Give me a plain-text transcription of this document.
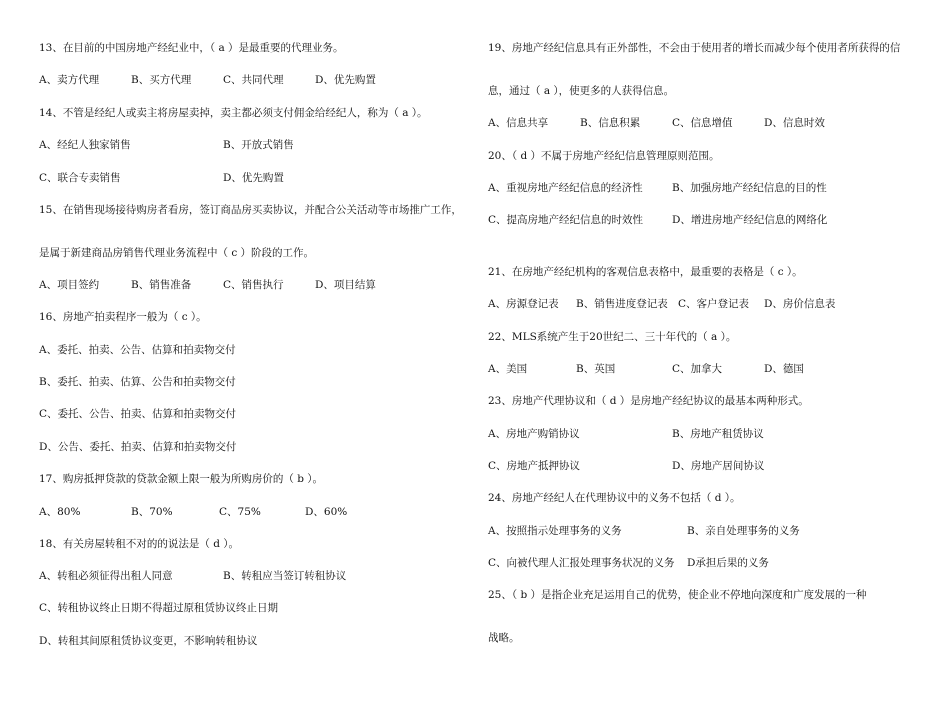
13、在目前的中国房地产经纪业中，（ a ）是最重要的代理业务。
A、卖方代理	B、买方代理	C、共同代理	D、优先购置
14、不管是经纪人或卖主将房屋卖掉，卖主都必须支付佣金给经纪人，称为（ a ）。
A、经纪人独家销售	B、开放式销售
C、联合专卖销售	D、优先购置
15、在销售现场接待购房者看房，签订商品房买卖协议，并配合公关活动等市场推广工作，
是属于新建商品房销售代理业务流程中（ c ）阶段的工作。
A、项目签约	B、销售准备	C、销售执行	D、项目结算
16、房地产拍卖程序一般为（ c ）。
A、委托、拍卖、公告、估算和拍卖物交付
B、委托、拍卖、估算、公告和拍卖物交付
C、委托、公告、拍卖、估算和拍卖物交付
D、公告、委托、拍卖、估算和拍卖物交付
17、购房抵押贷款的贷款金额上限一般为所购房价的（ b ）。
A、80%	B、70%	C、75%	D、60%
18、有关房屋转租不对的的说法是（ d ）。
A、转租必须征得出租人同意	B、转租应当签订转租协议
C、转租协议终止日期不得超过原租赁协议终止日期
D、转租其间原租赁协议变更，不影响转租协议
19、房地产经纪信息具有正外部性，不会由于使用者的增长而减少每个使用者所获得的信
息，通过（ a ），使更多的人获得信息。
A、信息共享	B、信息积累	C、信息增值	D、信息时效
20、（ d ）不属于房地产经纪信息管理原则范围。
A、重视房地产经纪信息的经济性	B、加强房地产经纪信息的目的性
C、提高房地产经纪信息的时效性	D、增进房地产经纪信息的网络化
21、在房地产经纪机构的客观信息表格中，最重要的表格是（ c ）。
A、房源登记表 B、销售进度登记表 C、客户登记表 D、房价信息表
22、MLS系统产生于20世纪二、三十年代的（ a ）。
A、美国	B、英国	C、加拿大	D、德国
23、房地产代理协议和（ d ）是房地产经纪协议的最基本两种形式。
A、房地产购销协议	B、房地产租赁协议
C、房地产抵押协议	D、房地产居间协议
24、房地产经纪人在代理协议中的义务不包括（ d ）。
A、按照指示处理事务的义务	B、亲自处理事务的义务
C、向被代理人汇报处理事务状况的义务 D承担后果的义务
25、（ b ）是指企业充足运用自己的优势，使企业不停地向深度和广度发展的一种
战略。
